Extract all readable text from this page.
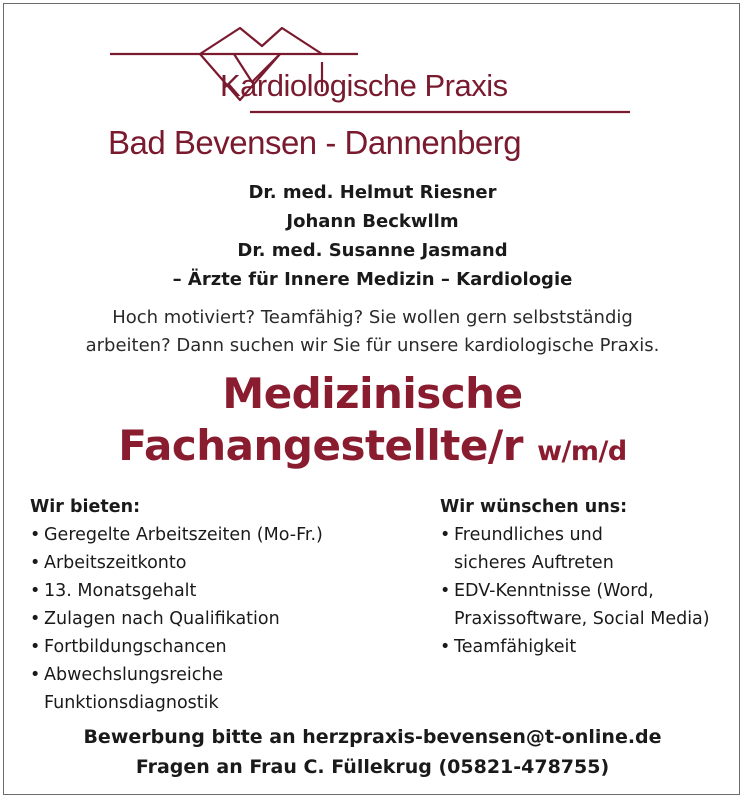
Kardiologische Praxis
Bad Bevensen - Dannenberg
Dr. med. Helmut Riesner
Johann Beckwllm
Dr. med. Susanne Jasmand
– Ärzte für Innere Medizin – Kardiologie
Hoch motiviert? Teamfähig? Sie wollen gern selbstständig
arbeiten? Dann suchen wir Sie für unsere kardiologische Praxis.
Medizinische
Fachangestellte/r w/m/d
Wir bieten:
• Geregelte Arbeitszeiten (Mo-Fr.)
• Arbeitszeitkonto
• 13. Monatsgehalt
• Zulagen nach Qualifikation
• Fortbildungschancen
• Abwechslungsreiche Funktionsdiagnostik
Wir wünschen uns:
• Freundliches und sicheres Auftreten
• EDV-Kenntnisse (Word, Praxissoftware, Social Media)
• Teamfähigkeit
Bewerbung bitte an herzpraxis-bevensen@t-online.de
Fragen an Frau C. Füllekrug (05821-478755)
